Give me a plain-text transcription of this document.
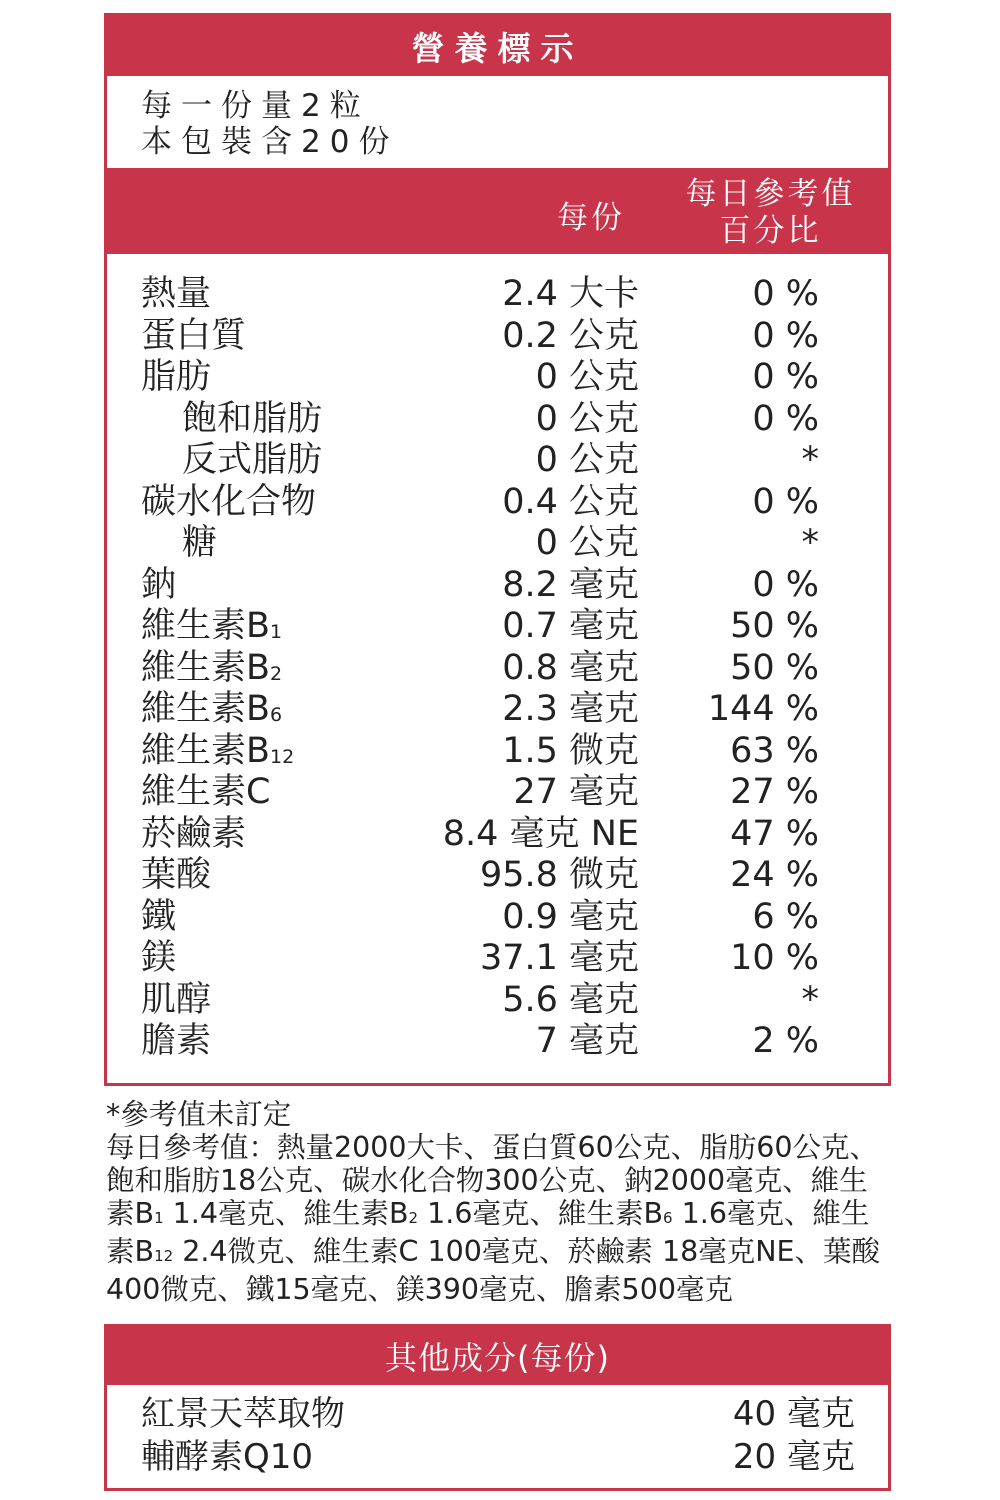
營養標示
每一份量2粒
本包裝含20份
每份
每日參考值
百分比
熱量	2.4 大卡	0 %
蛋白質	0.2 公克	0 %
脂肪	0 公克	0 %
飽和脂肪	0 公克	0 %
反式脂肪	0 公克	*
碳水化合物	0.4 公克	0 %
糖	0 公克	*
鈉	8.2 毫克	0 %
維生素$B_1$	0.7 毫克	50 %
維生素$B_2$	0.8 毫克	50 %
維生素$B_6$	2.3 毫克 144 %
維生素$B_{12}$	1.5 微克	63 %
維生素C	27 毫克	27 %
菸鹼素	8.4 毫克 NE	47 %
葉酸	95.8 微克	24 %
鐵	0.9 毫克	6 %
鎂	37.1 毫克	10 %
肌醇	5.6 毫克	*
膽素	7 毫克	2 %

*參考值未訂定

每日參考值：熱量2000大卡、蛋白質60公克、脂肪60公克、飽和脂肪18公克、碳水化合物300公克、鈉2000毫克、維生素B1 1.4毫克、維生素B2 1.6毫克、維生素B6 1.6毫克、維生素B12 2.4微克、維生素C 100毫克、菸鹼素 18毫克NE、葉酸400微克、鐵15毫克、鎂390毫克、膽素500毫克

其他成分(每份)
紅景天萃取物	40 毫克
輔酵素Q10	20 毫克
